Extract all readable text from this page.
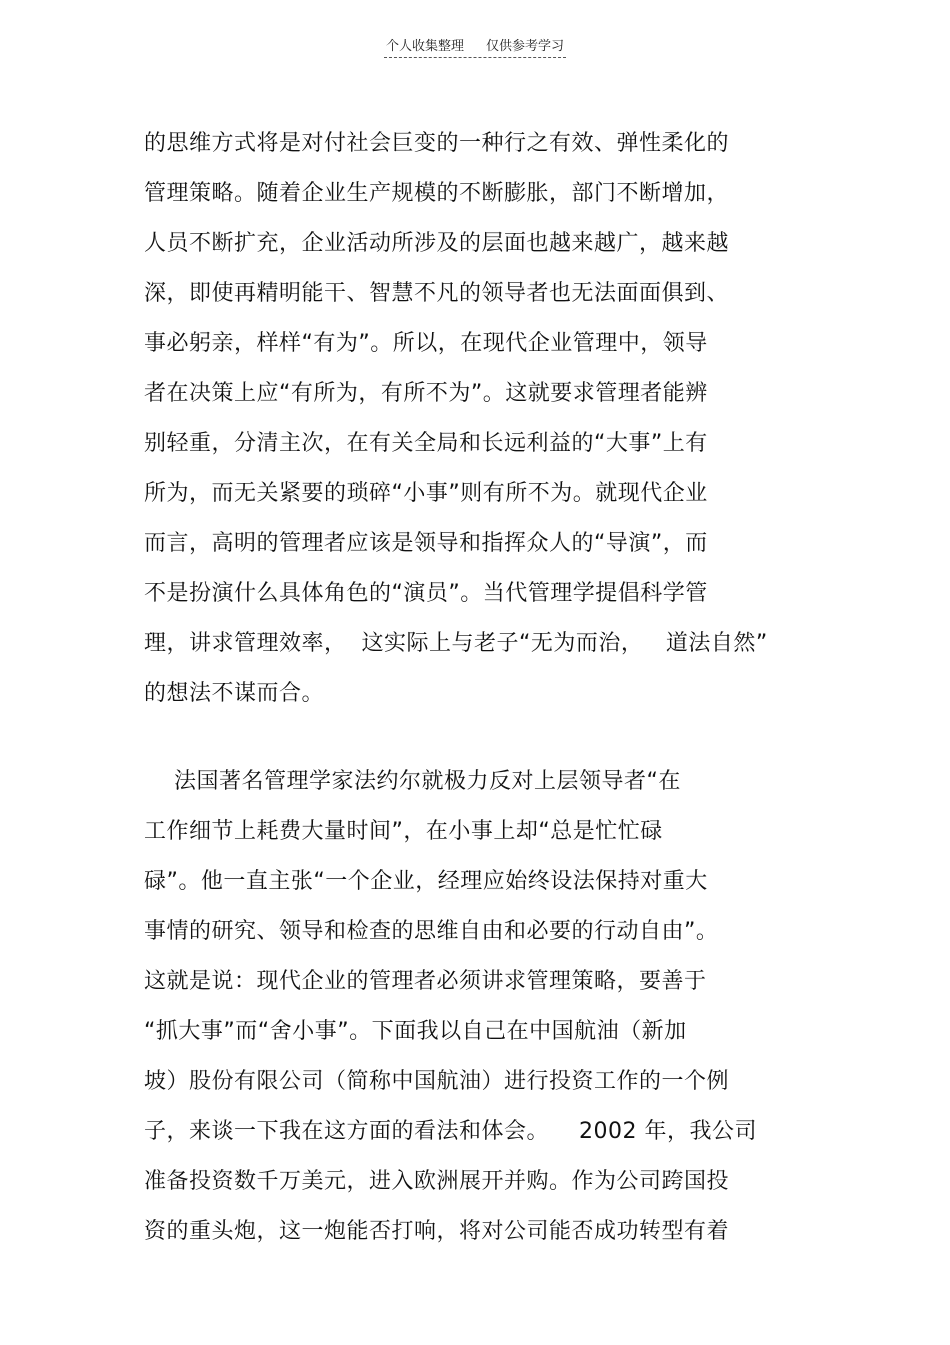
个人收集整理 仅供参考学习
的思维方式将是对付社会巨变的一种行之有效、弹性柔化的
管理策略。随着企业生产规模的不断膨胀，部门不断增加，
人员不断扩充，企业活动所涉及的层面也越来越广，越来越
深，即使再精明能干、智慧不凡的领导者也无法面面俱到、
事必躬亲，样样“有为”。所以，在现代企业管理中，领导
者在决策上应“有所为，有所不为”。这就要求管理者能辨
别轻重，分清主次，在有关全局和长远利益的“大事”上有
所为，而无关紧要的琐碎“小事”则有所不为。就现代企业
而言，高明的管理者应该是领导和指挥众人的“导演”，而
不是扮演什么具体角色的“演员”。当代管理学提倡科学管
理，讲求管理效率，  这实际上与老子“无为而治，   道法自然”
的想法不谋而合。
法国著名管理学家法约尔就极力反对上层领导者“在
工作细节上耗费大量时间”，在小事上却“总是忙忙碌
碌”。他一直主张“一个企业，经理应始终设法保持对重大
事情的研究、领导和检查的思维自由和必要的行动自由”。
这就是说：现代企业的管理者必须讲求管理策略，要善于
“抓大事”而“舍小事”。下面我以自己在中国航油（新加
坡）股份有限公司（简称中国航油）进行投资工作的一个例
子，来谈一下我在这方面的看法和体会。    2002 年，我公司
准备投资数千万美元，进入欧洲展开并购。作为公司跨国投
资的重头炮，这一炮能否打响，将对公司能否成功转型有着
